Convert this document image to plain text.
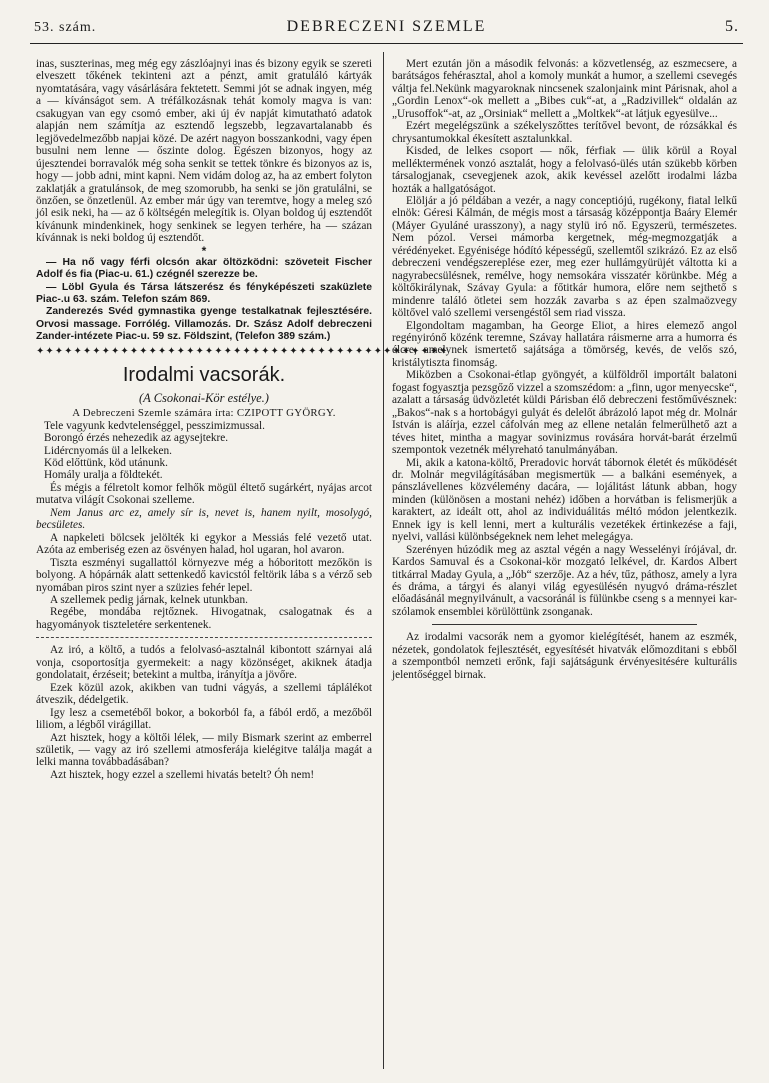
53. szám.	DEBRECZENI SZEMLE	5.

inas, suszterinas, meg még egy zászlóajnyi inas és bizony egyik se szereti elveszett tőkének tekinteni azt a pénzt, amit gratuláló kártyák nyomtatására, vagy vásárlására fektetett. Semmi jót se adnak ingyen, még a — kívánságot sem. A tréfálkozásnak tehát komoly magva is van: csakugyan van egy csomó ember, aki új év napját kimutatható adatok alapján nem számítja az esztendő legszebb, legzavartalanabb és legjövedelmezőbb napjai közé. De azért nagyon bosszankodni, vagy épen busulni nem lenne — őszinte dolog. Egészen bizonyos, hogy az újesztendei borravalók még soha senkit se tettek tönkre és bizonyos az is, hogy — jobb adni, mint kapni. Nem vidám dolog az, ha az embert folyton zaklatják a gratulánsok, de meg szomorubb, ha senki se jön gratulálni, se önzően, se önzetlenül. Az ember már úgy van teremtve, hogy a meleg szó jól esik neki, ha — az ő költségén melegítik is. Olyan boldog új esztendőt kívánunk mindenkinek, hogy senkinek se legyen terhére, ha — százan kívánnak is neki boldog új esztendőt.

*

— Ha nő vagy férfi olcsón akar öltözködni: szöveteit Fischer Adolf és fia (Piac-u. 61.) czégnél szerezze be.

— Löbl Gyula és Társa látszerész és fényképészeti szaküzlete Piac-.u 63. szám. Telefon szám 869.

Zanderezés Svéd gymnastika gyenge testalkatnak fejlesztésére. Orvosi massage. Forrólég. Villamozás. Dr. Szász Adolf debreczeni Zander-intézete Piac-u. 59 sz. Földszint, (Telefon 389 szám.)

✦✦✦✦✦✦✦✦✦✦✦✦✦✦✦✦✦✦✦✦✦✦✦✦✦✦✦✦✦✦✦✦✦✦✦✦✦✦✦✦✦✦✦✦
Irodalmi vacsorák.
(A Csokonai-Kör estélye.)
A Debreczeni Szemle számára írta: CZIPOTT GYÖRGY.

Tele vagyunk kedvtelenséggel, pesszimizmussal.

Borongó érzés nehezedik az agysejtekre.

Lidércnyomás ül a lelkeken.

Köd előttünk, köd utánunk.

Homály uralja a földtekét.

És mégis a félretolt komor felhők mögül éltető sugárkért, nyájas arcot mutatva világít Csokonai szelleme.

Nem Janus arc ez, amely sír is, nevet is, hanem nyilt, mosolygó, becsületes.

A napkeleti bölcsek jelölték ki egykor a Messiás felé vezető utat. Azóta az emberiség ezen az ösvényen halad, hol ugaran, hol avaron.

Tiszta eszményi sugallattól környezve még a hóboritott mezőkön is bolyong. A hópárnák alatt settenkedő kavicstól feltörik lába s a vérző seb nyomában piros szint nyer a szüzies fehér lepel.

A szellemek pedig járnak, kelnek utunkban.

Regébe, mondába rejtőznek. Hivogatnak, csalogatnak és a hagyományok tiszteletére serkentenek.

Az iró, a költő, a tudós a felolvasó-asztalnál kibontott szárnyai alá vonja, csoportosítja gyermekeit: a nagy közönséget, akiknek átadja gondolatait, érzéseit; betekint a multba, irányítja a jövőre.

Ezek közül azok, akikben van tudni vágyás, a szellemi táplálékot átveszik, dédelgetik.

Igy lesz a csemetéből bokor, a bokorból fa, a fából erdő, a mezőből liliom, a légből virágillat.

Azt hisztek, hogy a költői lélek, — mily Bismark szerint az emberrel születik, — vagy az iró szellemi atmosferája kielégitve találja magát a lelki manna továbbadásában?

Azt hisztek, hogy ezzel a szellemi hivatás betelt? Óh nem!

Mert ezután jön a második felvonás: a közvetlenség, az eszmecsere, a barátságos fehérasztal, ahol a komoly munkát a humor, a szellemi csevegés váltja fel.Nekünk magyaroknak nincsenek szalonjaink mint Párisnak, ahol a „Gordin Lenox“-ok mellett a „Bibes cuk“-at, a „Radzivillek“ oldalán az „Urusoffok“-at, az „Orsiniak“ mellett a „Moltkek“-at látjuk egyesülve...

Ezért megelégszünk a székelyszőttes terítővel bevont, de rózsákkal és chrysantumokkal ékesített asztalunkkal.

Kisded, de lelkes csoport — nők, férfiak — ülik körül a Royal melléktermének vonzó asztalát, hogy a felolvasó-ülés után szükebb körben társalogjanak, csevegjenek azok, akik kevéssel azelőtt irodalmi lázba hozták a hallgatóságot.

Elöljár a jó példában a vezér, a nagy conceptiójú, rugékony, fiatal lelkű elnök: Géresi Kálmán, de mégis most a társaság középpontja Baáry Elemér (Máyer Gyuláné urasszony), a nagy stylü iró nő. Egyszerü, természetes. Nem pózol. Versei mámorba kergetnek, még-megmozgatják a vérédényeket. Egyénisége hódító képességű, szellemtől szikrázó. Ez az első debreczeni vendégszereplése ezer, meg ezer hullámgyürüjét váltotta ki a nagyrabecsülésnek, remélve, hogy nemsokára visszatér körünkbe. Még a költőkirálynak, Szávay Gyula: a főtitkár humora, előre nem sejthető s mindenre találó ötletei sem hozzák zavarba s az épen szalmaözvegy költővel való szellemi versengéstől sem riad vissza.

Elgondoltam magamban, ha George Eliot, a hires elemező angol regényirónő közénk teremne, Szávay hallatára ráismerne arra a humorra és élcre, amelynek ismertető sajátsága a tömörség, kevés, de velős szó, kristálytiszta finomság.

Miközben a Csokonai-étlap gyöngyét, a külföldről importált balatoni fogast fogyasztja pezsgőző vizzel a szomszédom: a „finn, ugor menyecske“, azalatt a társaság üdvözletét küldi Párisban élő debreczeni festőművésznek: „Bakos“-nak s a hortobágyi gulyát és delelőt ábrázoló lapot még dr. Molnár István is aláírja, ezzel cáfolván meg az ellene netalán felmerülhető azt a téves hitet, mintha a magyar sovinizmus rovására horvát-barát érzelmű szempontok vezetnék mélyreható tanulmányában.

Mi, akik a katona-költő, Preradovic horvát tábornok életét és működését dr. Molnár megvilágításában megismertük — a balkáni események, a pánszlávellenes közvélemény dacára, — lojálitást látunk abban, hogy minden (különösen a mostani nehéz) időben a horvátban is felismerjük a karaktert, az ideált ott, ahol az individuálitás méltó módon jelentkezik. Ennek igy is kell lenni, mert a kulturális vezetékek értinkezése a faji, nyelvi, vallási különbségeknek nem lehet melegágya.

Szerényen húzódik meg az asztal végén a nagy Wesselényi írójával, dr. Kardos Samuval és a Csokonai-kör mozgató lelkével, dr. Kardos Albert titkárral Maday Gyula, a „Jób“ szerzője. Az a hév, tűz, páthosz, amely a lyra és dráma, a tárgyi és alanyi világ egyesülésén nyugvó dráma-részlet előadásánál megnyilvánult, a vacsoránál is fülünkbe cseng s a mennyei kar-szólamok ensemblei körülöttünk zsonganak.

Az irodalmi vacsorák nem a gyomor kielégítését, hanem az eszmék, nézetek, gondolatok fejlesztését, egyesítését hivatvák előmozditani s ebből a szempontból nemzeti erőnk, faji sajátságunk érvényesitésére kulturális jelentőséggel birnak.
